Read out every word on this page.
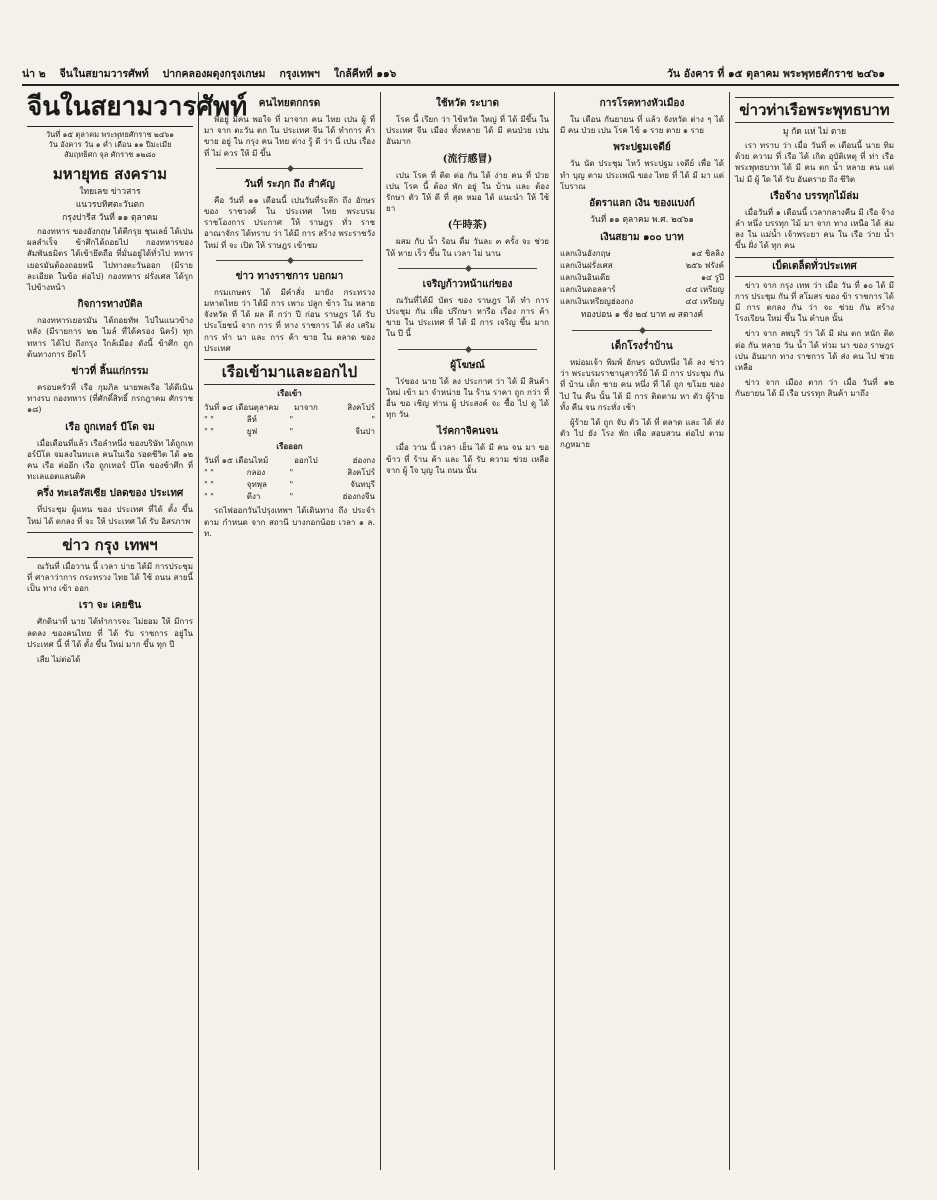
น่า ๒ จีนในสยามวารศัพท์ ปากคลองผดุงกรุงเกษม กรุงเทพฯ ใกล้คีทที่ ๑๑๖	วัน อังคาร ที่ ๑๕ ตุลาคม พระพุทธศักราช ๒๔๖๑
จีนในสยามวารศัพท์
วันที่ ๑๕ ตุลาคม พระพุทธศักราช ๒๔๖๑
วัน อังคาร วัน ๑ ค่ำ เดือน ๑๑ ปีมะเมีย
สัมฤทธิศก จุล ศักราช ๑๒๘๐
มหายุทธ สงคราม
ใทยเลข ข่าวสาร
แนวรบทิศตะวันตก
กรุงปารีส วันที่ ๑๑ ตุลาคม
กองทหาร ของอังกฤษ ได้ตีกรุย ชุนเลย์ ได้เปนผลสำเร็จ ข้าศึกได้ถอยไป กองทหารของสัมพันธมิตร ได้เข้ายึดถือ ที่มั่นอยู่ได้ทั่วไป ทหารเยอรมันต้องถอยหนี ไปทางตะวันออก (มีรายละเอียด ในข้อ ต่อไป) กองทหาร ฝรั่งเศส ได้รุกไปข้างหน้า
กิจการทางบัดิล
กองทหารเยอรมัน ได้ถอยทัพ ไปในแนวข้างหลัง (มีรายการ ๒๒ ไมล์ ที่ได้ครอง นิคร์) ทุกทหาร ได้ไป ถึงกรุง ใกล้เมือง ดังนี้ ข้าศึก ถูกต้นทางการ ยึดไว้
ข่าวที่ ลิ้นแก่กรรม
ครอบครัวที่ เรือ กุมภิล นายพลเรือ ได้ดีเนินทางรบ กองทหาร (ที่ศักดิ์สิทธิ์ กรกฎาคม ศักราช ๑๘)
เรือ ถูกเทอร์ บีโด จม
เมื่อเดือนที่แล้ว เรือลำหนึ่ง ของบริษัท ได้ถูกเทอร์บีโด จมลงในทะเล คนในเรือ รอดชีวิต ได้ ๑๒ คน เรือ ต่ออีก เรือ ถูกเทอร์ บีโด ของข้าศึก ที่ ทะเลแอตแลนติค
ครึ่ง ทะเลรัสเซีย ปลดของ ประเทศ
ที่ประชุม ผู้แทน ของ ประเทศ ที่ได้ ตั้ง ขึ้น ใหม่ ได้ ตกลง ที่ จะ ให้ ประเทศ ได้ รับ อิสรภาพ
ข่าว กรุง เทพฯ
ณวันที่ เมื่อวาน นี้ เวลา บ่าย ได้มี การประชุม ที่ ศาลาว่าการ กระทรวง ไทย ได้ ใช้ ถนน สายนี้ เป็น ทาง เข้า ออก
เรา จะ เคยชิน
ศักดินาที่ นาย ได้ทำการจะ ไม่ยอม ให้ มีการ ลดลง ของคนไทย ที่ ได้ รับ ราชการ อยู่ใน ประเทศ นี้ ที่ ได้ ตั้ง ขึ้น ใหม่ มาก ขึ้น ทุก ปี
เสีย ไม่ต่อได้
คนไทยตกกรด
พี่อยู่ มีคน พอใจ ที่ มาจาก คน ไทย เปน ผู้ ที่ มา จาก ตะวัน ตก ใน ประเทศ จีน ได้ ทำการ ค้า ขาย อยู่ ใน กรุง คน ไทย ต่าง รู้ ดี ว่า นี่ เปน เรื่อง ที่ ไม่ ควร ให้ มี ขึ้น
วันที่ ระฦก ถึง สำคัญ
คือ วันที่ ๑๑ เดือนนี้ เปนวันที่ระลึก ถึง อักษร ของ ราชวงศ์ ใน ประเทศ ไทย พระบรมราชโองการ ประกาศ ให้ ราษฎร ทั่ว ราช อาณาจักร ได้ทราบ ว่า ได้มี การ สร้าง พระราชวัง ใหม่ ที่ จะ เปิด ให้ ราษฎร เข้าชม
ข่าว ทางราชการ บอกมา
กรมเกษตร ได้ มีคำสั่ง มายัง กระทรวง มหาดไทย ว่า ได้มี การ เพาะ ปลูก ข้าว ใน หลาย จังหวัด ที่ ได้ ผล ดี กว่า ปี ก่อน ราษฎร ได้ รับ ประโยชน์ จาก การ ที่ ทาง ราชการ ได้ ส่ง เสริม การ ทำ นา และ การ ค้า ขาย ใน ตลาด ของ ประเทศ
เรือเข้ามาและออกไป
เรือเข้า
วันที่ ๑๔ เดือน ตุลาคม	มาจาก	สิงคโปร์
" "	ลีห์	"	"
" "	ยูฟ	"	จีนปา
เรือออก
วันที่ ๑๕ เดือน ไหม้	ออกไป	ฮ่องกง
" "	กลอง	"	สิงคโปร์
" "	จุทพุล	"	จันทบุรี
" "	ตีงา	"	ฮ่องกงจีน
รถไฟออกวันไปรุงเทพฯ ได้เดินทาง ถึง ประจำ ตาม กำหนด จาก สถานี บางกอกน้อย เวลา ๑ ล. ท.
ใช้หวัด ระบาด
โรค นี้ เรียก ว่า ไข้หวัด ใหญ่ ที่ ได้ มีขึ้น ในประเทศ จีน เมือง ทั้งหลาย ได้ มี คนป่วย เปน อันมาก
(流行感冒)
เปน โรค ที่ ติด ต่อ กัน ได้ ง่าย คน ที่ ป่วย เปน โรค นี้ ต้อง พัก อยู่ ใน บ้าน และ ต้อง รักษา ตัว ให้ ดี ที่ สุด หมอ ได้ แนะนำ ให้ ใช้ ยา
(午時茶)
ผสม กับ น้ำ ร้อน ดื่ม วันละ ๓ ครั้ง จะ ช่วย ให้ หาย เร็ว ขึ้น ใน เวลา ไม่ นาน
เจริญก้าวหน้าแก่ของ
ณวันที่ได้มี บัตร ของ ราษฎร ได้ ทำ การ ประชุม กัน เพื่อ ปรึกษา หารือ เรื่อง การ ค้า ขาย ใน ประเทศ ที่ ได้ มี การ เจริญ ขึ้น มาก ใน ปี นี้
ผู้โฆษณ์
ไร่ของ นาย ได้ ลง ประกาศ ว่า ได้ มี สินค้า ใหม่ เข้า มา จำหน่าย ใน ร้าน ราคา ถูก กว่า ที่ อื่น ขอ เชิญ ท่าน ผู้ ประสงค์ จะ ซื้อ ไป ดู ได้ ทุก วัน
ไร่คกาจิคนจน
เมื่อ วาน นี้ เวลา เย็น ได้ มี คน จน มา ขอ ข้าว ที่ ร้าน ค้า และ ได้ รับ ความ ช่วย เหลือ จาก ผู้ ใจ บุญ ใน ถนน นั้น
การโรคทางหัวเมือง
ใน เดือน กันยายน ที่ แล้ว จังหวัด ต่าง ๆ ได้ มี คน ป่วย เปน โรค ไข้ ๑ ราย ตาย ๑ ราย
พระปฐมเจดีย์
วัน นัด ประชุม ไหว้ พระปฐม เจดีย์ เพื่อ ได้ ทำ บุญ ตาม ประเพณี ของ ไทย ที่ ได้ มี มา แต่ โบราณ
อัตราแลก เงิน ของแบงก์
วันที่ ๑๑ ตุลาคม พ.ศ. ๒๔๖๑
เงินสยาม ๑๐๐ บาท
แลกเงินอังกฤษ	๑๔ ชิลลิง
แลกเงินฝรั่งเศส	๒๕๖ ฟรังค์
แลกเงินอินเดีย	๑๔ รูปี
แลกเงินดอลลาร์	๔๔ เหรียญ
แลกเงินเหรียญฮ่องกง	๔๔ เหรียญ
ทองบ่อน ๑ ชั่ง ๒๔ บาท ๗ สตางค์
เด็กโรงร่ำบ้าน
หม่อมเจ้า พิมพ์ อักษร ฉบับหนึ่ง ได้ ลง ข่าว ว่า พระบรมราชานุสาวรีย์ ได้ มี การ ประชุม กัน ที่ บ้าน เด็ก ชาย คน หนึ่ง ที่ ได้ ถูก ขโมย ของ ไป ใน คืน นั้น ได้ มี การ ติดตาม หา ตัว ผู้ร้าย ทั้ง คืน จน กระทั่ง เช้า
ผู้ร้าย ได้ ถูก จับ ตัว ได้ ที่ ตลาด และ ได้ ส่ง ตัว ไป ยัง โรง พัก เพื่อ สอบสวน ต่อไป ตาม กฎหมาย
ข่าวท่าเรือพระพุทธบาท
มู กัด แห่ ไม่ ตาย
เรา ทราบ ว่า เมื่อ วันที่ ๓ เดือนนี้ นาย ทิม ด้วย ความ ที่ เรือ ได้ เกิด อุบัติเหตุ ที่ ท่า เรือ พระพุทธบาท ได้ มี คน ตก น้ำ หลาย คน แต่ ไม่ มี ผู้ ใด ได้ รับ อันตราย ถึง ชีวิต
เรือจ้าง บรรทุกไม้ล่ม
เมื่อวันที่ ๑ เดือนนี้ เวลากลางคืน มี เรือ จ้าง ลำ หนึ่ง บรรทุก ไม้ มา จาก ทาง เหนือ ได้ ล่ม ลง ใน แม่น้ำ เจ้าพระยา คน ใน เรือ ว่าย น้ำ ขึ้น ฝั่ง ได้ ทุก คน
เบ็ดเตล็ดทั่วประเทศ
ข่าว จาก กรุง เทพ ว่า เมื่อ วัน ที่ ๑๐ ได้ มี การ ประชุม กัน ที่ สโมสร ของ ข้า ราชการ ได้ มี การ ตกลง กัน ว่า จะ ช่วย กัน สร้าง โรงเรียน ใหม่ ขึ้น ใน ตำบล นั้น
ข่าว จาก ลพบุรี ว่า ได้ มี ฝน ตก หนัก ติด ต่อ กัน หลาย วัน น้ำ ได้ ท่วม นา ของ ราษฎร เปน อันมาก ทาง ราชการ ได้ ส่ง คน ไป ช่วย เหลือ
ข่าว จาก เมือง ตาก ว่า เมื่อ วันที่ ๑๒ กันยายน ได้ มี เรือ บรรทุก สินค้า มาถึง
